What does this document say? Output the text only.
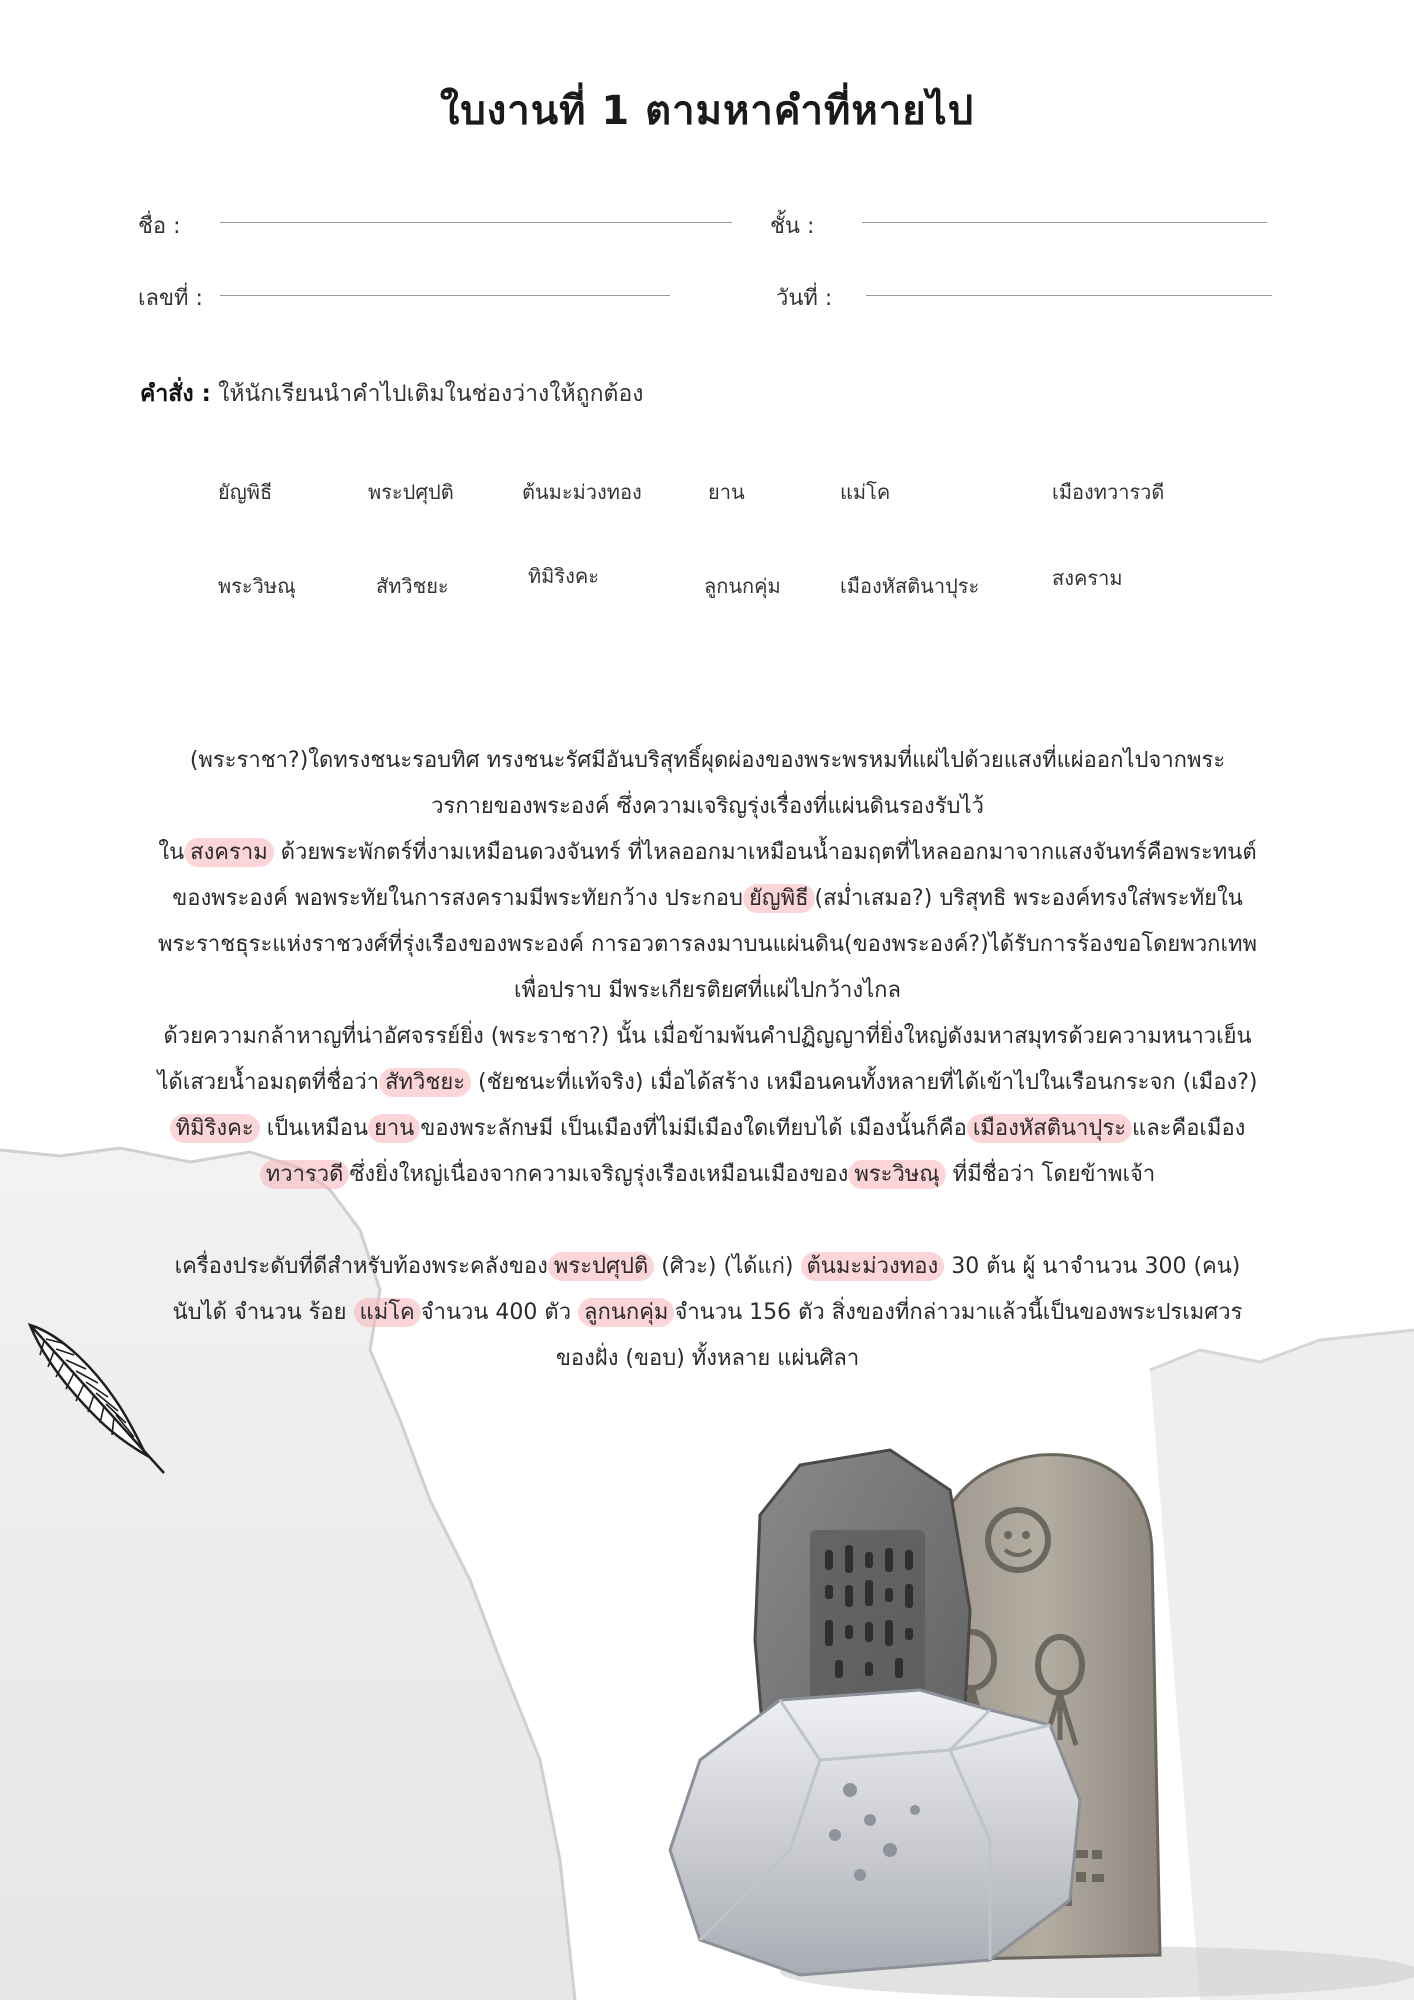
ใบงานที่ 1 ตามหาคำที่หายไป
ชื่อ :	ชั้น :
เลขที่ :	วันที่ :
คำสั่ง : ให้นักเรียนนำคำไปเติมในช่องว่างให้ถูกต้อง
ยัญพิธี	พระปศุปติ	ต้นมะม่วงทอง	ยาน	แม่โค	เมืองทวารวดี
พระวิษณุ	สัทวิชยะ	ทิมิริงคะ	ลูกนกคุ่ม	เมืองหัสตินาปุระ	สงคราม
(พระราชา?)ใดทรงชนะรอบทิศ ทรงชนะรัศมีอันบริสุทธิ์ผุดผ่องของพระพรหมที่แผ่ไปด้วยแสงที่แผ่ออกไปจากพระ
วรกายของพระองค์ ซึ่งความเจริญรุ่งเรื่องที่แผ่นดินรองรับไว้
ใน สงคราม ด้วยพระพักตร์ที่งามเหมือนดวงจันทร์ ที่ไหลออกมาเหมือนน้ำอมฤตที่ไหลออกมาจากแสงจันทร์คือพระทนต์
ของพระองค์ พอพระทัยในการสงครามมีพระทัยกว้าง ประกอบ ยัญพิธี (สม่ำเสมอ?) บริสุทธิ พระองค์ทรงใส่พระทัยใน
พระราชธุระแห่งราชวงศ์ที่รุ่งเรืองของพระองค์ การอวตารลงมาบนแผ่นดิน(ของพระองค์?)ได้รับการร้องขอโดยพวกเทพ
เพื่อปราบ มีพระเกียรติยศที่แผ่ไปกว้างไกล
ด้วยความกล้าหาญที่น่าอัศจรรย์ยิ่ง (พระราชา?) นั้น เมื่อข้ามพ้นคำปฏิญญาที่ยิ่งใหญ่ดังมหาสมุทรด้วยความหนาวเย็น
ได้เสวยน้ำอมฤตที่ชื่อว่า สัทวิชยะ (ชัยชนะที่แท้จริง) เมื่อได้สร้าง เหมือนคนทั้งหลายที่ได้เข้าไปในเรือนกระจก (เมือง?)
ทิมิริงคะ เป็นเหมือน ยาน ของพระลักษมี เป็นเมืองที่ไม่มีเมืองใดเทียบได้ เมืองนั้นก็คือ เมืองหัสตินาปุระ และคือเมือง
ทวารวดี ซึ่งยิ่งใหญ่เนื่องจากความเจริญรุ่งเรืองเหมือนเมืองของ พระวิษณุ ที่มีชื่อว่า โดยข้าพเจ้า
เครื่องประดับที่ดีสำหรับท้องพระคลังของ พระปศุปติ (ศิวะ) (ได้แก่) ต้นมะม่วงทอง 30 ต้น ผู้ นาจำนวน 300 (คน)
นับได้ จำนวน ร้อย แม่โค จำนวน 400 ตัว ลูกนกคุ่ม จำนวน 156 ตัว สิ่งของที่กล่าวมาแล้วนี้เป็นของพระปรเมศวร
ของฝั่ง (ขอบ) ทั้งหลาย แผ่นศิลา
